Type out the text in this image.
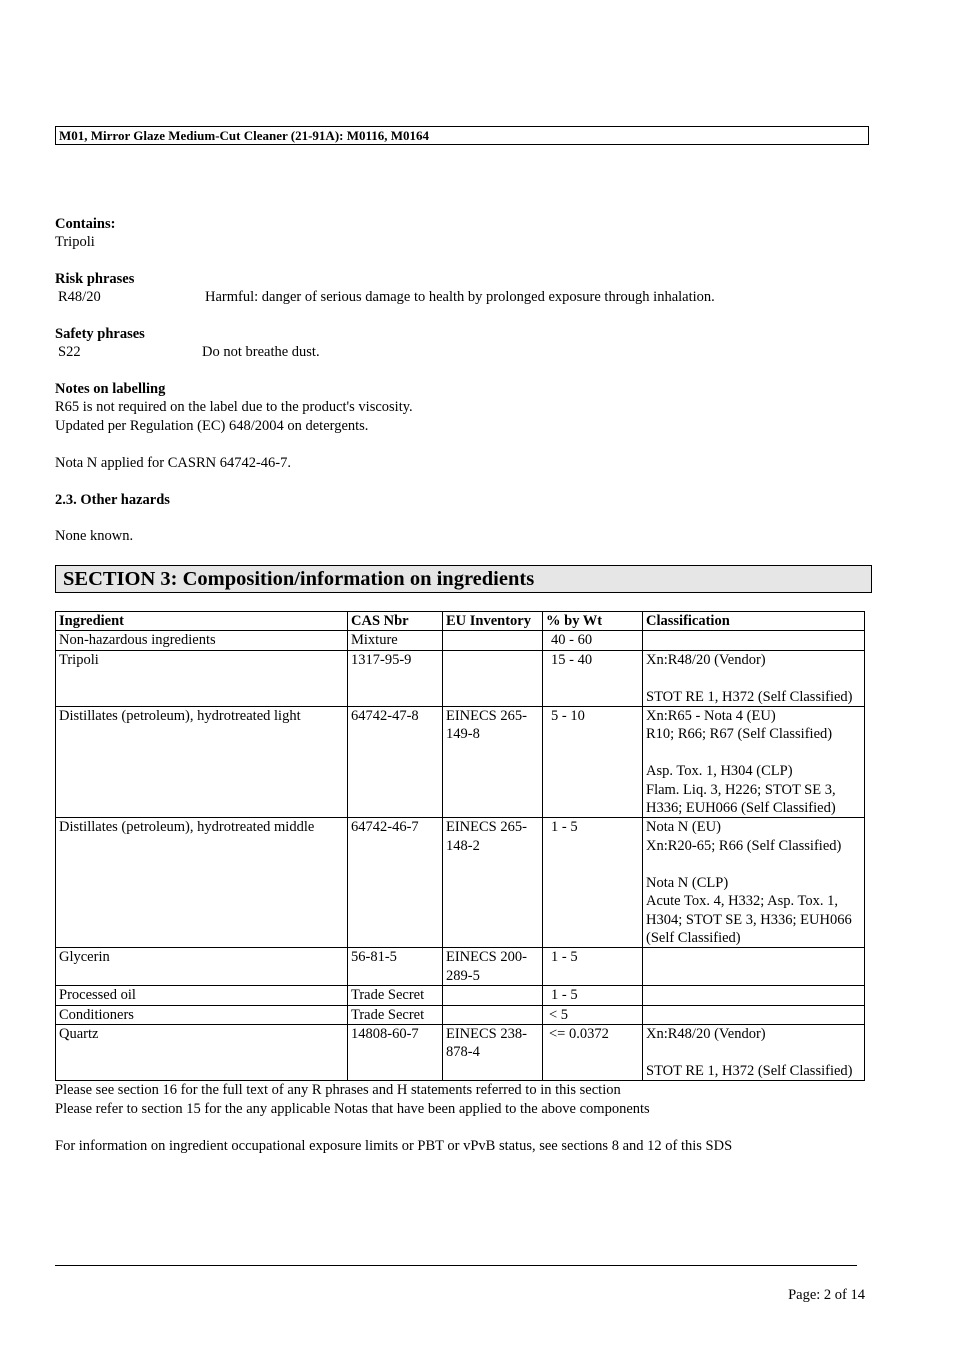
M01, Mirror Glaze Medium-Cut Cleaner (21-91A): M0116, M0164
Contains:
Tripoli
Risk phrases
R48/20	Harmful: danger of serious damage to health by prolonged exposure through inhalation.
Safety phrases
S22	Do not breathe dust.
Notes on labelling
R65 is not required on the label due to the product's viscosity.
Updated per Regulation (EC) 648/2004 on detergents.
Nota N applied for CASRN 64742-46-7.
2.3. Other hazards
None known.
SECTION 3: Composition/information on ingredients
Ingredient	CAS Nbr	EU Inventory	% by Wt	Classification
Non-hazardous ingredients	Mixture		40 - 60	
Tripoli	1317-95-9		15 - 40	Xn:R48/20 (Vendor)

STOT RE 1, H372 (Self Classified)
Distillates (petroleum), hydrotreated light	64742-47-8	EINECS 265-149-8	5 - 10	Xn:R65 - Nota 4 (EU)
R10; R66; R67 (Self Classified)

Asp. Tox. 1, H304 (CLP)
Flam. Liq. 3, H226; STOT SE 3, H336; EUH066 (Self Classified)
Distillates (petroleum), hydrotreated middle	64742-46-7	EINECS 265-148-2	1 - 5	Nota N (EU)
Xn:R20-65; R66 (Self Classified)

Nota N (CLP)
Acute Tox. 4, H332; Asp. Tox. 1, H304; STOT SE 3, H336; EUH066 (Self Classified)
Glycerin	56-81-5	EINECS 200-289-5	1 - 5	
Processed oil	Trade Secret		1 - 5	
Conditioners	Trade Secret		< 5	
Quartz	14808-60-7	EINECS 238-878-4	<= 0.0372	Xn:R48/20 (Vendor)

STOT RE 1, H372 (Self Classified)
Please see section 16 for the full text of any R phrases and H statements referred to in this section
Please refer to section 15 for the any applicable Notas that have been applied to the above components
For information on ingredient occupational exposure limits or PBT or vPvB status, see sections 8 and 12 of this SDS
Page: 2 of 14
